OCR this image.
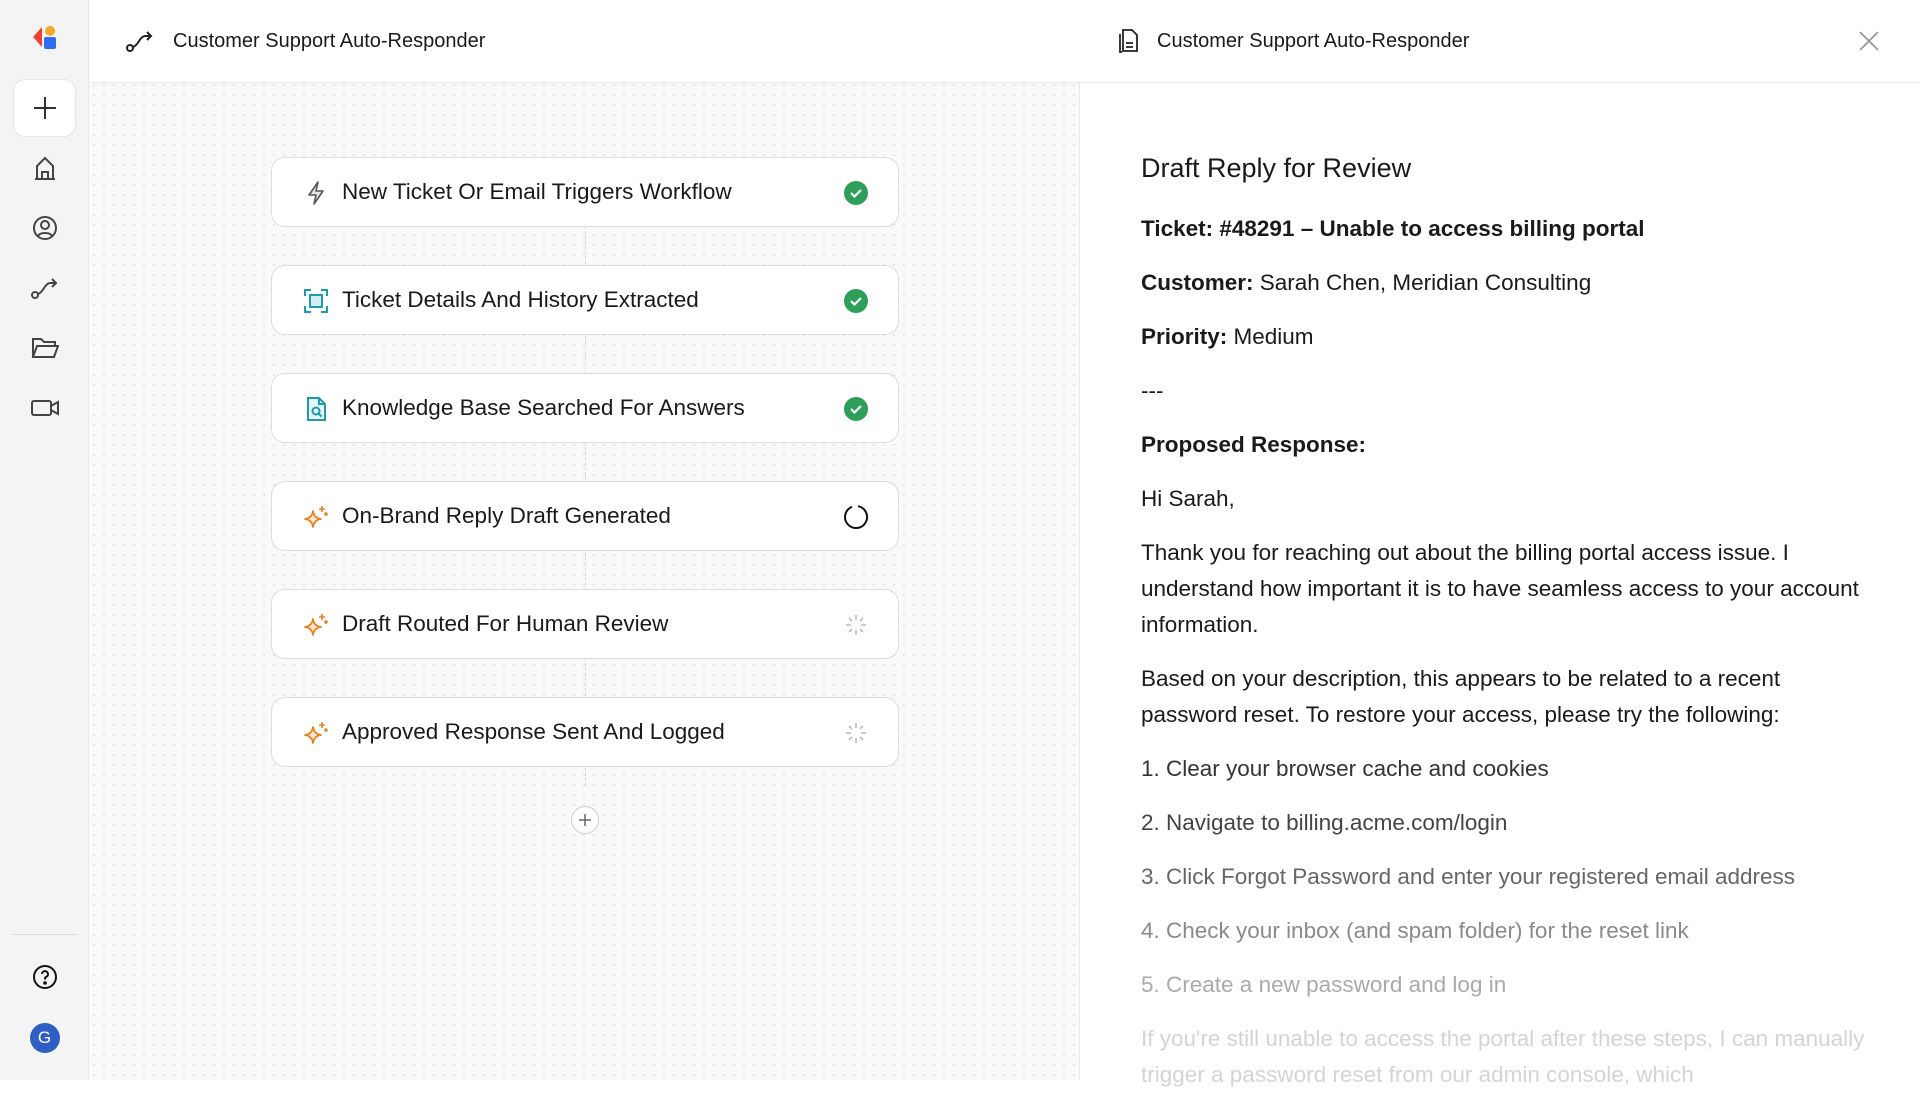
G
Customer Support Auto-Responder
New Ticket Or Email Triggers Workflow
Ticket Details And History Extracted
Knowledge Base Searched For Answers
On-Brand Reply Draft Generated
Draft Routed For Human Review
Approved Response Sent And Logged
Draft Reply for Review

Ticket: #48291 – Unable to access billing portal

Customer: Sarah Chen, Meridian Consulting

Priority: Medium

---

Proposed Response:

Hi Sarah,

Thank you for reaching out about the billing portal access issue. I understand how important it is to have seamless access to your account information.

Based on your description, this appears to be related to a recent password reset. To restore your access, please try the following:

1. Clear your browser cache and cookies

2. Navigate to billing.acme.com/login

3. Click Forgot Password and enter your registered email address

4. Check your inbox (and spam folder) for the reset link

5. Create a new password and log in

If you're still unable to access the portal after these steps, I can manually trigger a password reset from our admin console, which

Customer Support Auto-Responder
